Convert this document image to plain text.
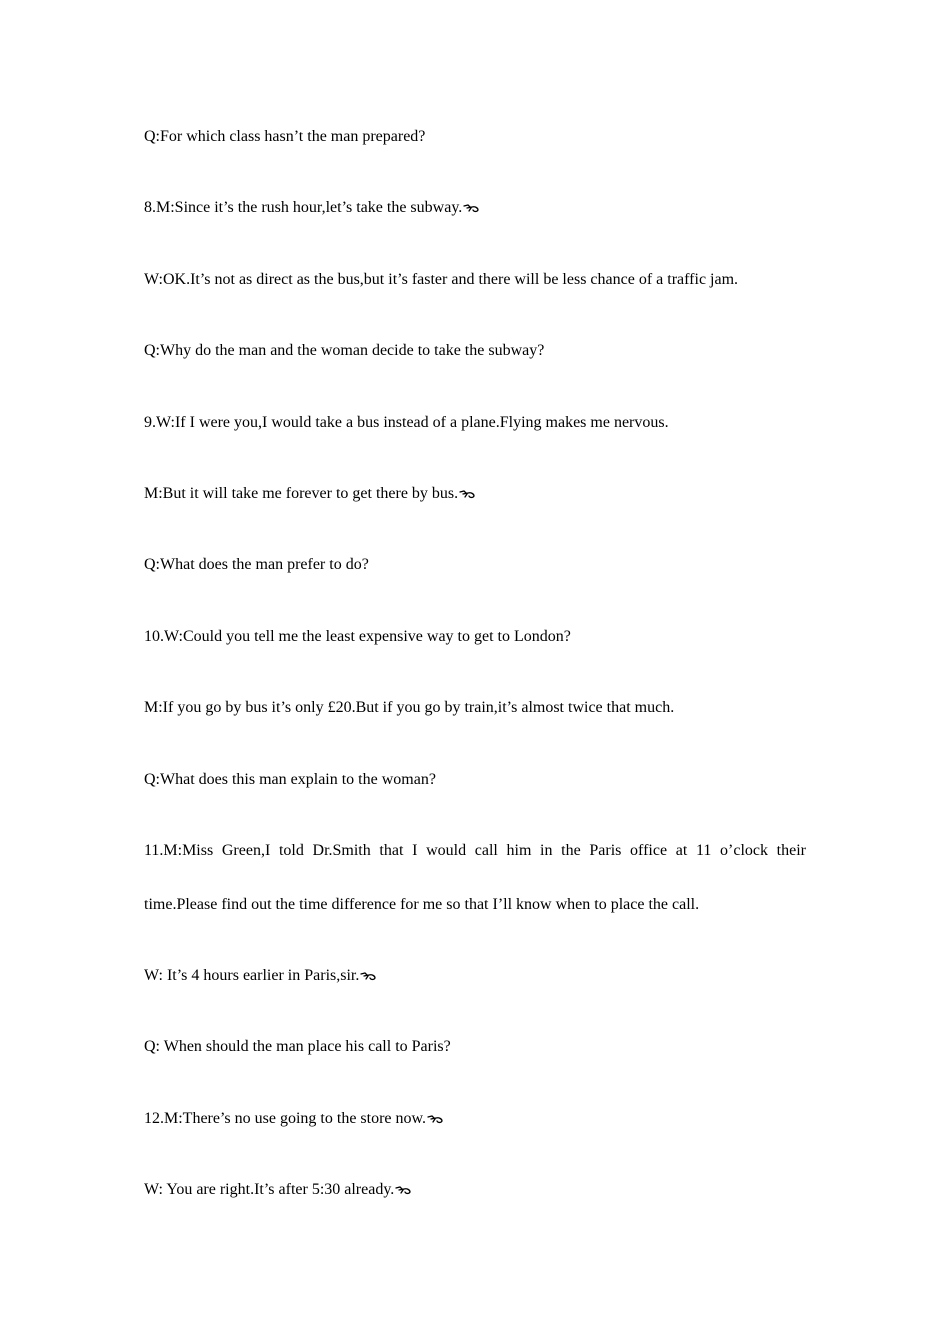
Q:For which class hasn’t the man prepared?

8.M:Since it’s the rush hour,let’s take the subway.

W:OK.It’s not as direct as the bus,but it’s faster and there will be less chance of a traffic jam.

Q:Why do the man and the woman decide to take the subway?

9.W:If I were you,I would take a bus instead of a plane.Flying makes me nervous.

M:But it will take me forever to get there by bus.

Q:What does the man prefer to do?

10.W:Could you tell me the least expensive way to get to London?

M:If you go by bus it’s only £20.But if you go by train,it’s almost twice that much.

Q:What does this man explain to the woman?

11.M:Miss Green,I told Dr.Smith that I would call him in the Paris office at 11 o’clock their time.Please find out the time difference for me so that I’ll know when to place the call.

W: It’s 4 hours earlier in Paris,sir.

Q: When should the man place his call to Paris?

12.M:There’s no use going to the store now.

W: You are right.It’s after 5:30 already.
